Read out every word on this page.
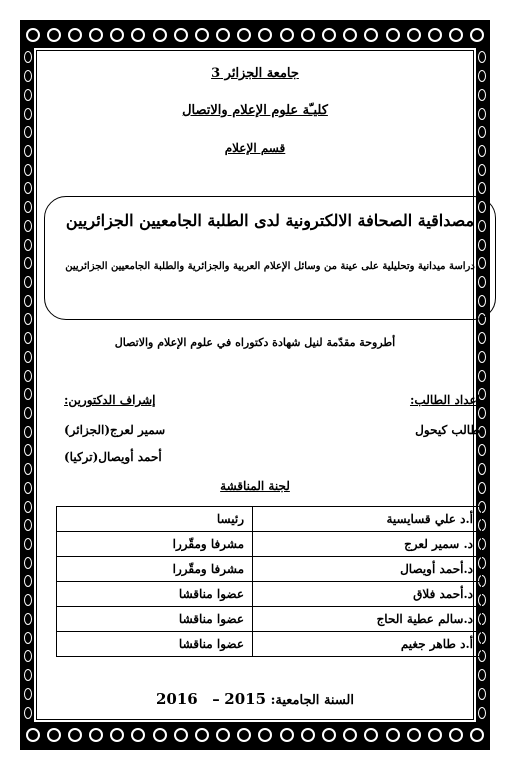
جامعة الجزائر 3
كليـّة علوم الإعلام والاتصال
قسم الإعلام
مصداقية الصحافة الالكترونية لدى الطلبة الجامعيين الجزائريين
دراسة ميدانية وتحليلية على عينة من وسائل الإعلام العربية والجزائرية والطلبة الجامعيين الجزائريين
أطروحة مقدّمة لنيل شهادة دكتوراه في علوم الإعلام والاتصال
إعداد الطالب:
طالب كيحول
إشراف الدكتورين:
سمير لعرج(الجزائر)
أحمد أويصال(تركيا)
لجنة المناقشة
أ.د علي قسايسية	رئيسا
د. سمير لعرج	مشرفا ومقّررا
د.أحمد أويصال	مشرفا ومقّررا
د.أحمد فلاق	عضوا مناقشا
د.سالم عطية الحاج	عضوا مناقشا
أ.د طاهر جغيم	عضوا مناقشا
السنة الجامعية: 2015 – 2016
